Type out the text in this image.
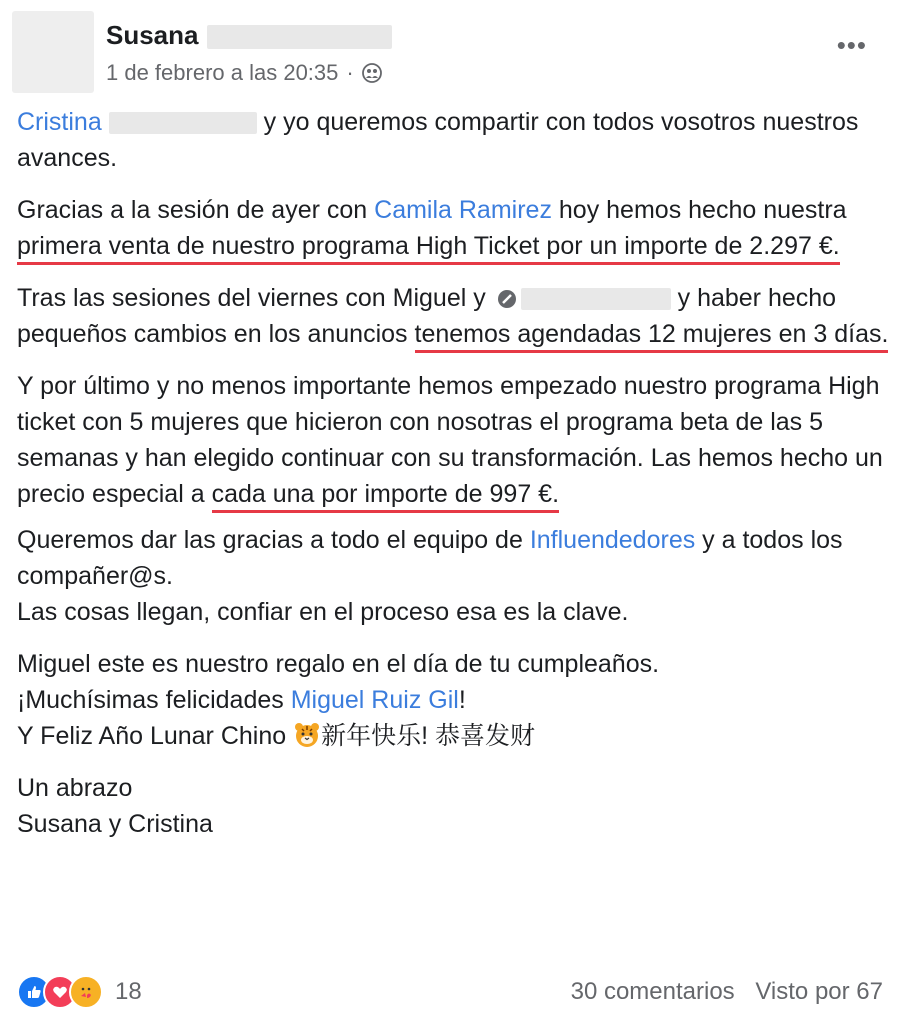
Susana
1 de febrero a las 20:35 ·
•••

Cristina	y yo queremos compartir con todos vosotros nuestros avances.

Gracias a la sesión de ayer con Camila Ramirez hoy hemos hecho nuestra primera venta de nuestro programa High Ticket por un importe de 2.297 €.

Tras las sesiones del viernes con Miguel y	y haber hecho pequeños cambios en los anuncios tenemos agendadas 12 mujeres en 3 días.

Y por último y no menos importante hemos empezado nuestro programa High ticket con 5 mujeres que hicieron con nosotras el programa beta de las 5 semanas y han elegido continuar con su transformación. Las hemos hecho un precio especial a cada una por importe de 997 €.

Queremos dar las gracias a todo el equipo de Influendedores y a todos los compañer@s.

Las cosas llegan, confiar en el proceso esa es la clave.

Miguel este es nuestro regalo en el día de tu cumpleaños.

¡Muchísimas felicidades Miguel Ruiz Gil!

Y Feliz Año Lunar Chino 新年快乐! 恭喜发财

Un abrazo

Susana y Cristina

18	30 comentarios Visto por 67
